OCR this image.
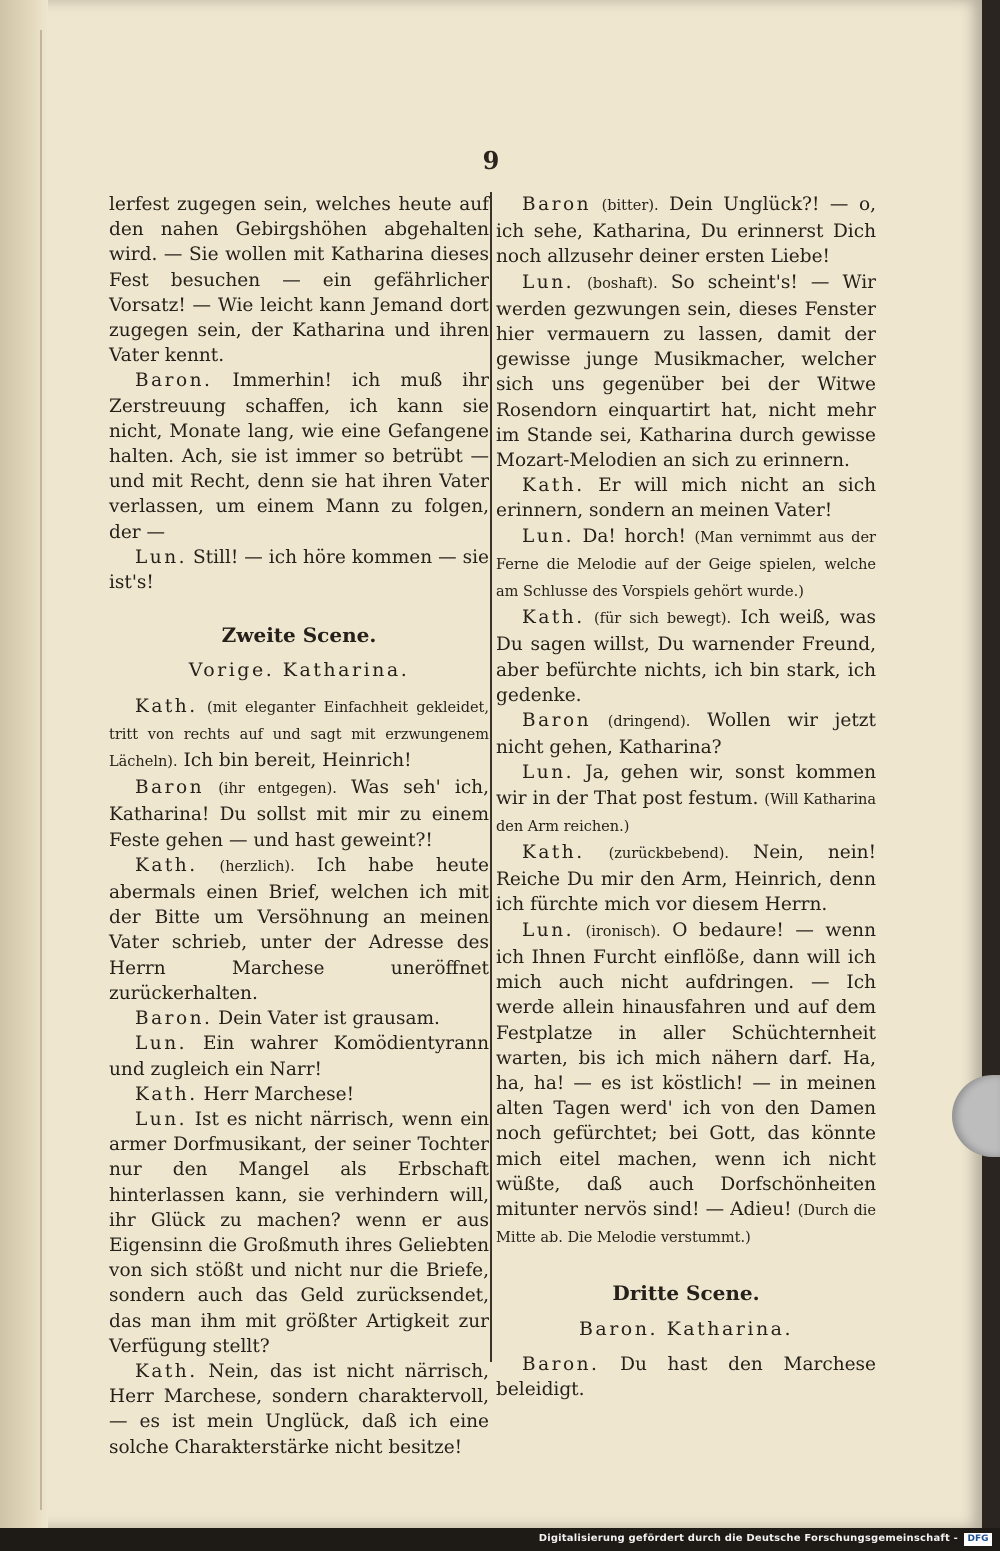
9

lerfest zugegen sein, welches heute auf den nahen Gebirgshöhen abgehalten wird. — Sie wollen mit Katharina dieses Fest besuchen — ein gefährlicher Vorsatz! — Wie leicht kann Jemand dort zugegen sein, der Katharina und ihren Vater kennt.

Baron. Immerhin! ich muß ihr Zerstreuung schaffen, ich kann sie nicht, Monate lang, wie eine Gefangene halten. Ach, sie ist immer so betrübt — und mit Recht, denn sie hat ihren Vater verlassen, um einem Mann zu folgen, der —

Lun. Still! — ich höre kommen — sie ist's!

Zweite Scene.

Vorige. Katharina.

Kath. (mit eleganter Einfachheit gekleidet, tritt von rechts auf und sagt mit erzwungenem Lächeln). Ich bin bereit, Heinrich!

Baron (ihr entgegen). Was seh' ich, Katharina! Du sollst mit mir zu einem Feste gehen — und hast geweint?!

Kath. (herzlich). Ich habe heute abermals einen Brief, welchen ich mit der Bitte um Versöhnung an meinen Vater schrieb, unter der Adresse des Herrn Marchese uneröffnet zurückerhalten.

Baron. Dein Vater ist grausam.

Lun. Ein wahrer Komödientyrann und zugleich ein Narr!

Kath. Herr Marchese!

Lun. Ist es nicht närrisch, wenn ein armer Dorfmusikant, der seiner Tochter nur den Mangel als Erbschaft hinterlassen kann, sie verhindern will, ihr Glück zu machen? wenn er aus Eigensinn die Großmuth ihres Geliebten von sich stößt und nicht nur die Briefe, sondern auch das Geld zurücksendet, das man ihm mit größter Artigkeit zur Verfügung stellt?

Kath. Nein, das ist nicht närrisch, Herr Marchese, sondern charaktervoll, — es ist mein Unglück, daß ich eine solche Charakterstärke nicht besitze!

Baron (bitter). Dein Unglück?! — o, ich sehe, Katharina, Du erinnerst Dich noch allzusehr deiner ersten Liebe!

Lun. (boshaft). So scheint's! — Wir werden gezwungen sein, dieses Fenster hier vermauern zu lassen, damit der gewisse junge Musikmacher, welcher sich uns gegenüber bei der Witwe Rosendorn einquartirt hat, nicht mehr im Stande sei, Katharina durch gewisse Mozart-Melodien an sich zu erinnern.

Kath. Er will mich nicht an sich erinnern, sondern an meinen Vater!

Lun. Da! horch! (Man vernimmt aus der Ferne die Melodie auf der Geige spielen, welche am Schlusse des Vorspiels gehört wurde.)

Kath. (für sich bewegt). Ich weiß, was Du sagen willst, Du warnender Freund, aber befürchte nichts, ich bin stark, ich gedenke.

Baron (dringend). Wollen wir jetzt nicht gehen, Katharina?

Lun. Ja, gehen wir, sonst kommen wir in der That post festum. (Will Katharina den Arm reichen.)

Kath. (zurückbebend). Nein, nein! Reiche Du mir den Arm, Heinrich, denn ich fürchte mich vor diesem Herrn.

Lun. (ironisch). O bedaure! — wenn ich Ihnen Furcht einflöße, dann will ich mich auch nicht aufdringen. — Ich werde allein hinausfahren und auf dem Festplatze in aller Schüchternheit warten, bis ich mich nähern darf. Ha, ha, ha! — es ist köstlich! — in meinen alten Tagen werd' ich von den Damen noch gefürchtet; bei Gott, das könnte mich eitel machen, wenn ich nicht wüßte, daß auch Dorfschönheiten mitunter nervös sind! — Adieu! (Durch die Mitte ab. Die Melodie verstummt.)

Dritte Scene.

Baron. Katharina.

Baron. Du hast den Marchese beleidigt.

Digitalisierung gefördert durch die Deutsche Forschungsgemeinschaft -	DFG
